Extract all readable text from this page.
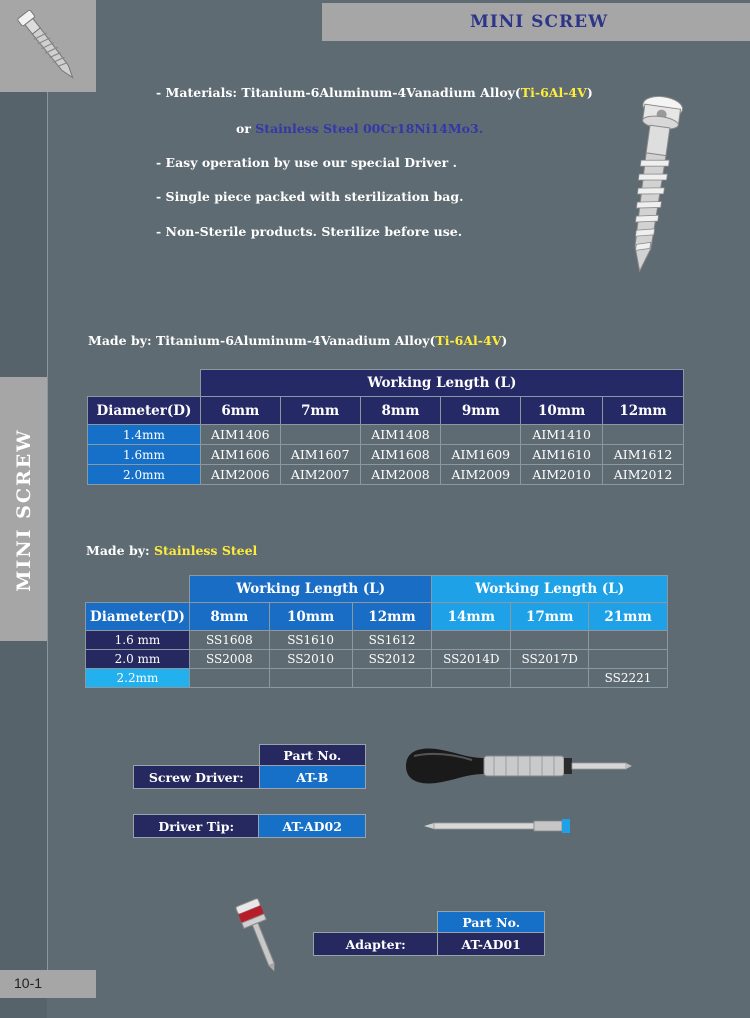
MINI SCREW
MINI SCREW
10-1
- Materials: Titanium-6Aluminum-4Vanadium Alloy(Ti-6Al-4V)
or Stainless Steel 00Cr18Ni14Mo3.
- Easy operation by use our special Driver .
- Single piece packed with sterilization bag.
- Non-Sterile products. Sterilize before use.
Made by: Titanium-6Aluminum-4Vanadium Alloy(Ti-6Al-4V)
	Working Length (L)					
Diameter(D)	6mm	7mm	8mm	9mm	10mm	12mm
1.4mm	AIM1406		AIM1408		AIM1410	
1.6mm	AIM1606	AIM1607	AIM1608	AIM1609	AIM1610	AIM1612
2.0mm	AIM2006	AIM2007	AIM2008	AIM2009	AIM2010	AIM2012
Made by: Stainless Steel
	Working Length (L)			Working Length (L)		
Diameter(D)	8mm	10mm	12mm	14mm	17mm	21mm
1.6 mm	SS1608	SS1610	SS1612			
2.0 mm	SS2008	SS2010	SS2012	SS2014D	SS2017D	
2.2mm						SS2221
	Part No.
Screw Driver:	AT-B
Driver Tip:	AT-AD02
	Part No.
Adapter:	AT-AD01
